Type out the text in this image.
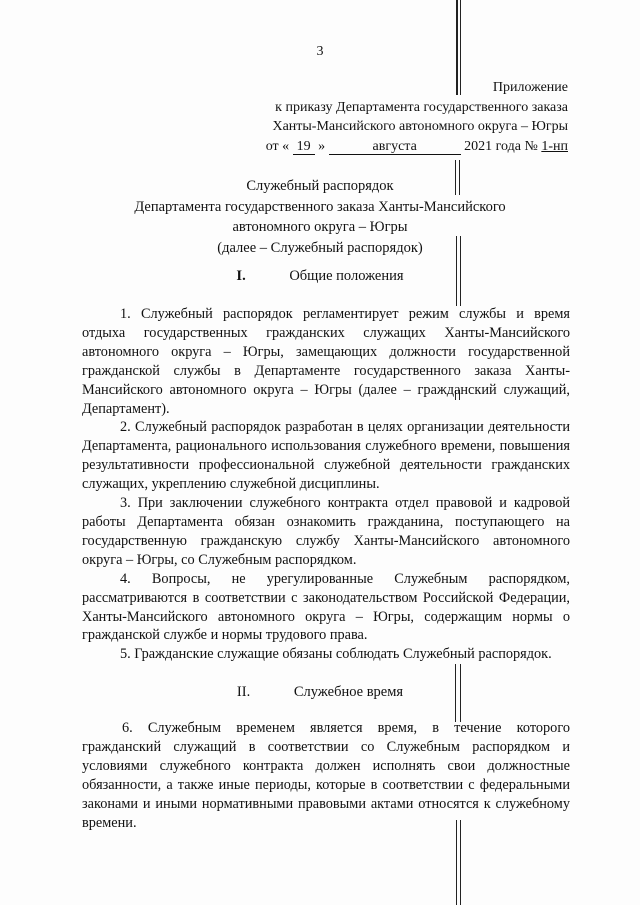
3
Приложение
к приказу Департамента государственного заказа
Ханты-Мансийского автономного округа – Югры
от « 19 »	августа	2021 года № 1-нп
Служебный распорядок
Департамента государственного заказа Ханты-Мансийского
автономного округа – Югры
(далее – Служебный распорядок)
I.	Общие положения

1. Служебный распорядок регламентирует режим службы и время отдыха государственных гражданских служащих Ханты-Мансийского автономного округа – Югры, замещающих должности государственной гражданской службы в Департаменте государственного заказа Ханты-Мансийского автономного округа – Югры (далее – гражданский служащий, Департамент).

2. Служебный распорядок разработан в целях организации деятельности Департамента, рационального использования служебного времени, повышения результативности профессиональной служебной деятельности гражданских служащих, укреплению служебной дисциплины.

3. При заключении служебного контракта отдел правовой и кадровой работы Департамента обязан ознакомить гражданина, поступающего на государственную гражданскую службу Ханты-Мансийского автономного округа – Югры, со Служебным распорядком.

4. Вопросы, не урегулированные Служебным распорядком, рассматриваются в соответствии с законодательством Российской Федерации, Ханты-Мансийского автономного округа – Югры, содержащим нормы о гражданской службе и нормы трудового права.

5. Гражданские служащие обязаны соблюдать Служебный распорядок.

II.	Служебное время

6. Служебным временем является время, в течение которого гражданский служащий в соответствии со Служебным распорядком и условиями служебного контракта должен исполнять свои должностные обязанности, а также иные периоды, которые в соответствии с федеральными законами и иными нормативными правовыми актами относятся к служебному времени.
